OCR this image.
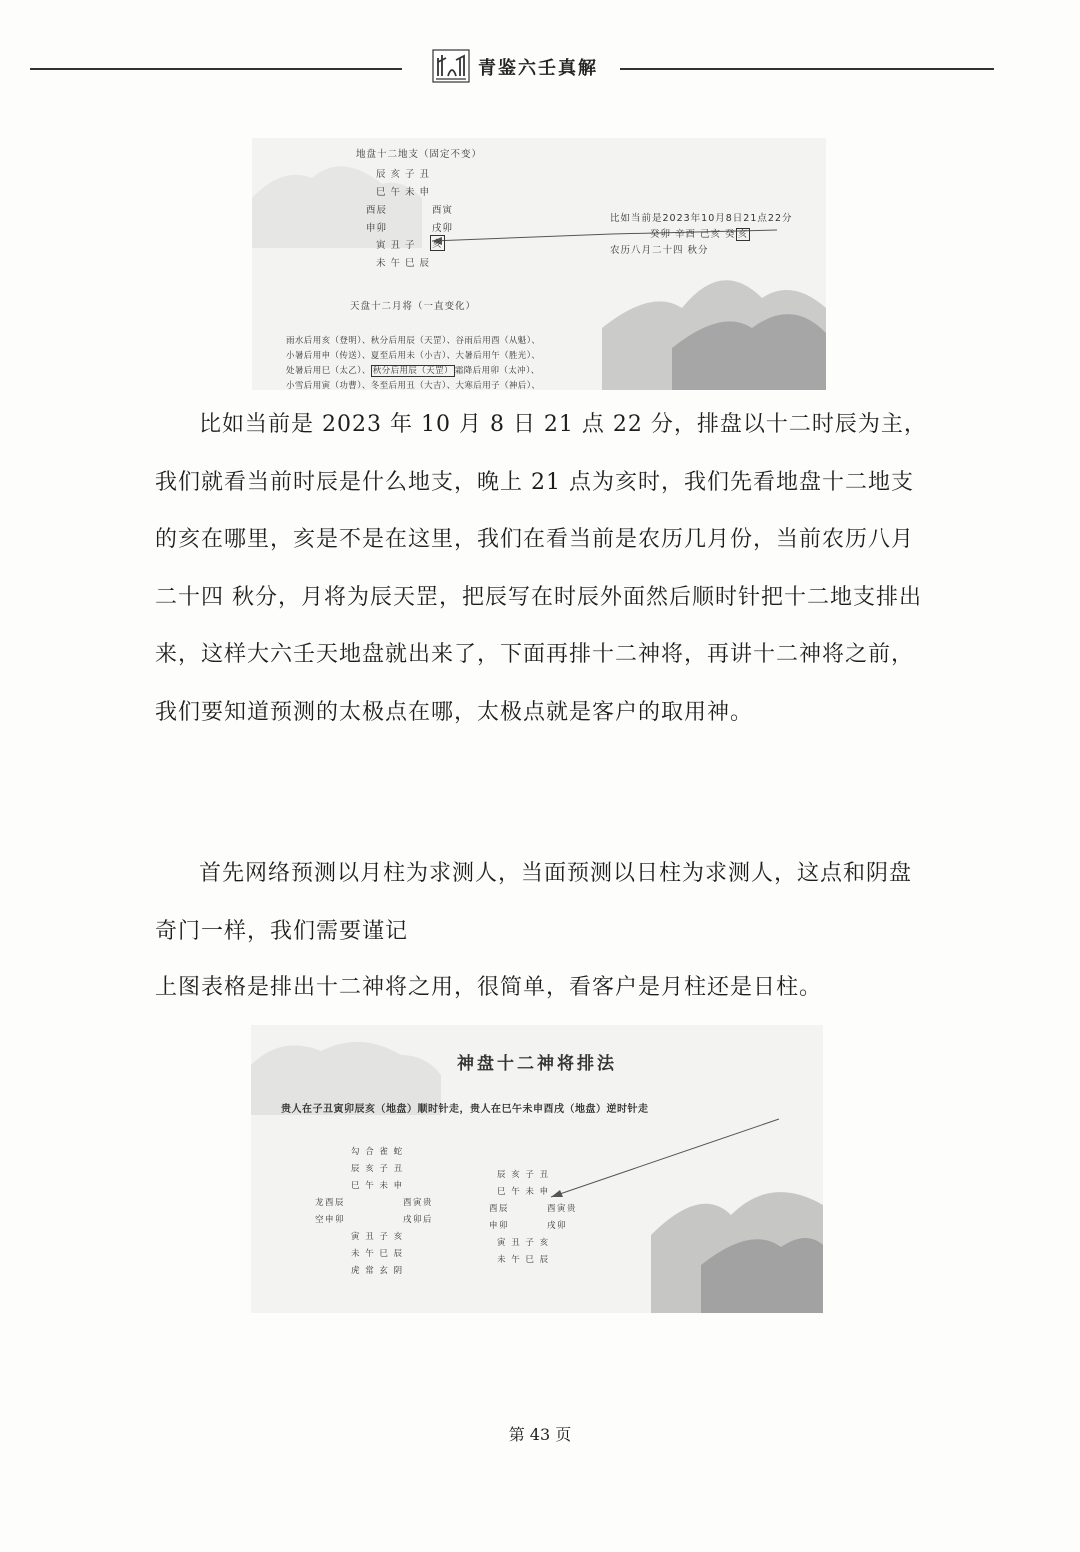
青鉴六壬真解
地盘十二地支（固定不变）
辰 亥 子 丑
巳 午 未 申
酉辰	酉寅
申卯	戌卯
寅 丑 子 亥
未 午 巳 辰
比如当前是2023年10月8日21点22分
癸卯 辛酉 己亥 癸 亥
农历八月二十四 秋分
天盘十二月将（一直变化）
雨水后用亥（登明）、秋分后用辰（天罡）、谷雨后用酉（从魁）、
小暑后用申（传送）、夏至后用未（小吉）、大暑后用午（胜光）、
处暑后用巳（太乙）、 秋分后用辰（天罡） 霜降后用卯（太冲）、
小雪后用寅（功曹）、冬至后用丑（大吉）、大寒后用子（神后）、

比如当前是 2023 年 10 月 8 日 21 点 22 分，排盘以十二时辰为主，我们就看当前时辰是什么地支，晚上 21 点为亥时，我们先看地盘十二地支的亥在哪里，亥是不是在这里，我们在看当前是农历几月份，当前农历八月二十四 秋分，月将为辰天罡，把辰写在时辰外面然后顺时针把十二地支排出来，这样大六壬天地盘就出来了，下面再排十二神将，再讲十二神将之前，我们要知道预测的太极点在哪，太极点就是客户的取用神。

首先网络预测以月柱为求测人，当面预测以日柱为求测人，这点和阴盘奇门一样，我们需要谨记

上图表格是排出十二神将之用，很简单，看客户是月柱还是日柱。
神盘十二神将排法
贵人在子丑寅卯辰亥（地盘）顺时针走，贵人在巳午未申酉戌（地盘）逆时针走
勾 合 雀 蛇
辰 亥 子 丑
巳 午 未 申
龙酉辰	酉寅贵
空申卯	戌卯后
寅 丑 子 亥
未 午 巳 辰
虎 常 玄 阴
辰 亥 子 丑
巳 午 未 申
酉辰	酉寅贵
申卯	戌卯
寅 丑 子 亥
未 午 巳 辰
第 43 页
